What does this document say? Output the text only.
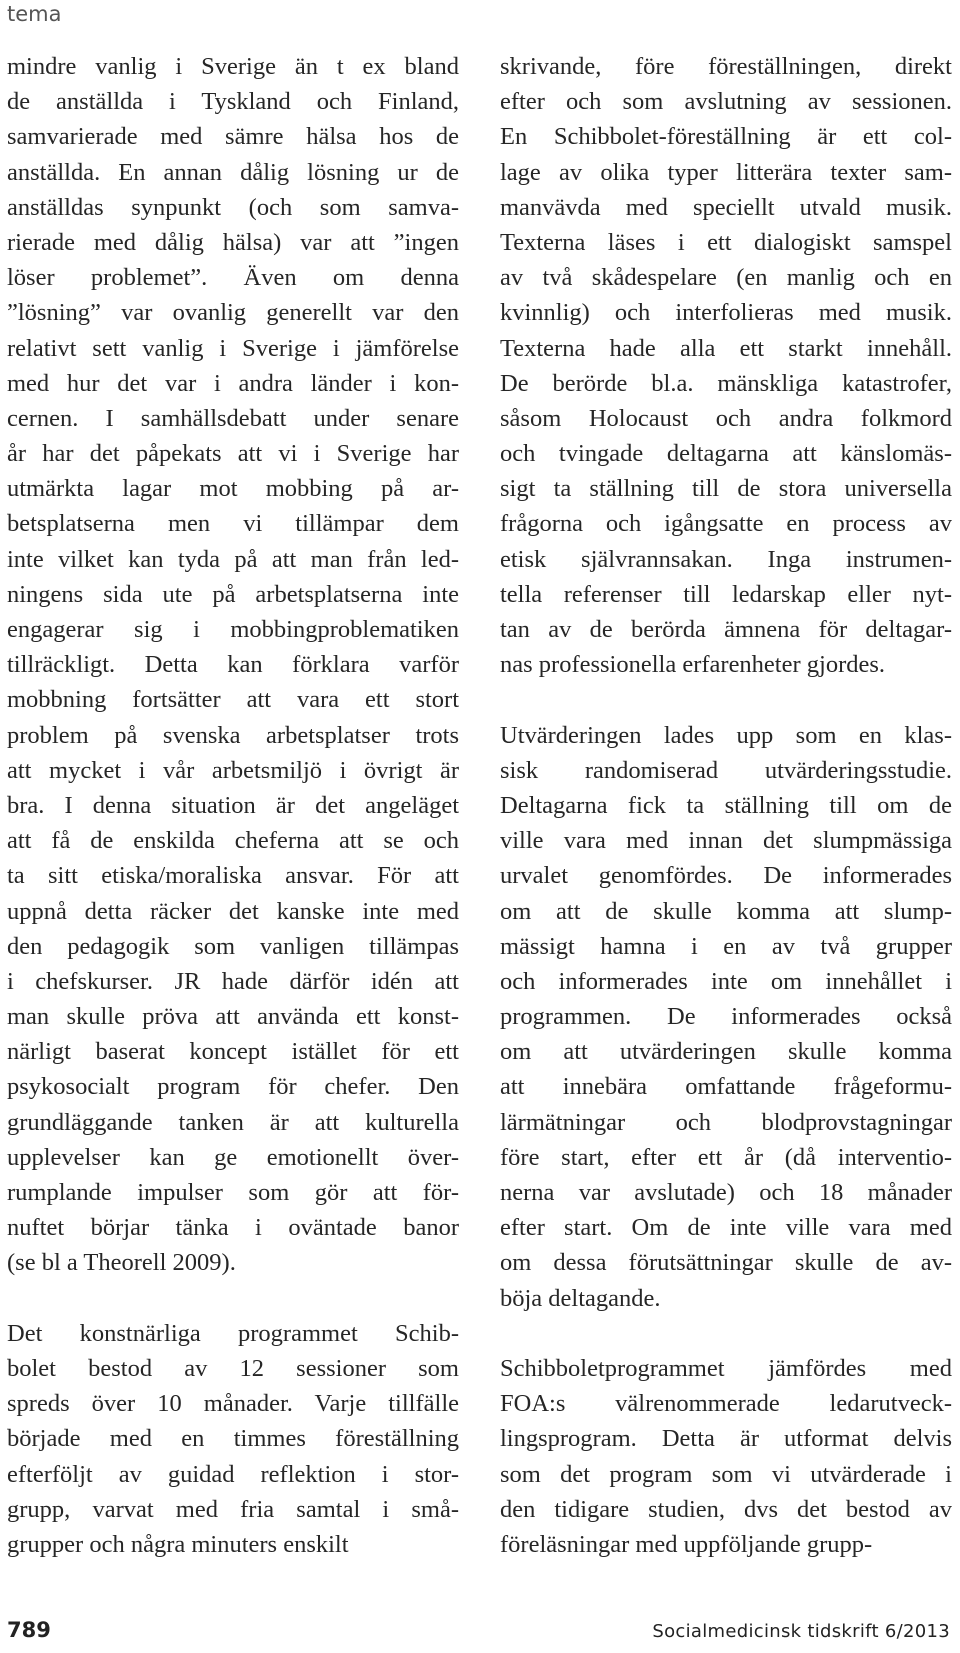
tema
mindre vanlig i Sverige än t ex bland
de anställda i Tyskland och Finland,
samvarierade med sämre hälsa hos de
anställda. En annan dålig lösning ur de
anställdas synpunkt (och som samva-
rierade med dålig hälsa) var att ”ingen
löser problemet”. Även om denna
”lösning” var ovanlig generellt var den
relativt sett vanlig i Sverige i jämförelse
med hur det var i andra länder i kon-
cernen. I samhällsdebatt under senare
år har det påpekats att vi i Sverige har
utmärkta lagar mot mobbing på ar-
betsplatserna men vi tillämpar dem
inte vilket kan tyda på att man från led-
ningens sida ute på arbetsplatserna inte
engagerar sig i mobbingproblematiken
tillräckligt. Detta kan förklara varför
mobbning fortsätter att vara ett stort
problem på svenska arbetsplatser trots
att mycket i vår arbetsmiljö i övrigt är
bra. I denna situation är det angeläget
att få de enskilda cheferna att se och
ta sitt etiska/moraliska ansvar. För att
uppnå detta räcker det kanske inte med
den pedagogik som vanligen tillämpas
i chefskurser. JR hade därför idén att
man skulle pröva att använda ett konst-
närligt baserat koncept istället för ett
psykosocialt program för chefer. Den
grundläggande tanken är att kulturella
upplevelser kan ge emotionellt över-
rumplande impulser som gör att för-
nuftet börjar tänka i oväntade banor
(se bl a Theorell 2009).
Det konstnärliga programmet Schib-
bolet bestod av 12 sessioner som
spreds över 10 månader. Varje tillfälle
började med en timmes föreställning
efterföljt av guidad reflektion i stor-
grupp, varvat med fria samtal i små-
grupper och några minuters enskilt
skrivande, före föreställningen, direkt
efter och som avslutning av sessionen.
En Schibbolet-föreställning är ett col-
lage av olika typer litterära texter sam-
manvävda med speciellt utvald musik.
Texterna läses i ett dialogiskt samspel
av två skådespelare (en manlig och en
kvinnlig) och interfolieras med musik.
Texterna hade alla ett starkt innehåll.
De berörde bl.a. mänskliga katastrofer,
såsom Holocaust och andra folkmord
och tvingade deltagarna att känslomäs-
sigt ta ställning till de stora universella
frågorna och igångsatte en process av
etisk självrannsakan. Inga instrumen-
tella referenser till ledarskap eller nyt-
tan av de berörda ämnena för deltagar-
nas professionella erfarenheter gjordes.
Utvärderingen lades upp som en klas-
sisk randomiserad utvärderingsstudie.
Deltagarna fick ta ställning till om de
ville vara med innan det slumpmässiga
urvalet genomfördes. De informerades
om att de skulle komma att slump-
mässigt hamna i en av två grupper
och informerades inte om innehållet i
programmen. De informerades också
om att utvärderingen skulle komma
att innebära omfattande frågeformu-
lärmätningar och blodprovstagningar
före start, efter ett år (då interventio-
nerna var avslutade) och 18 månader
efter start. Om de inte ville vara med
om dessa förutsättningar skulle de av-
böja deltagande.
Schibboletprogrammet jämfördes med
FOA:s välrenommerade ledarutveck-
lingsprogram. Detta är utformat delvis
som det program som vi utvärderade i
den tidigare studien, dvs det bestod av
föreläsningar med uppföljande grupp-
789	Socialmedicinsk tidskrift 6/2013
